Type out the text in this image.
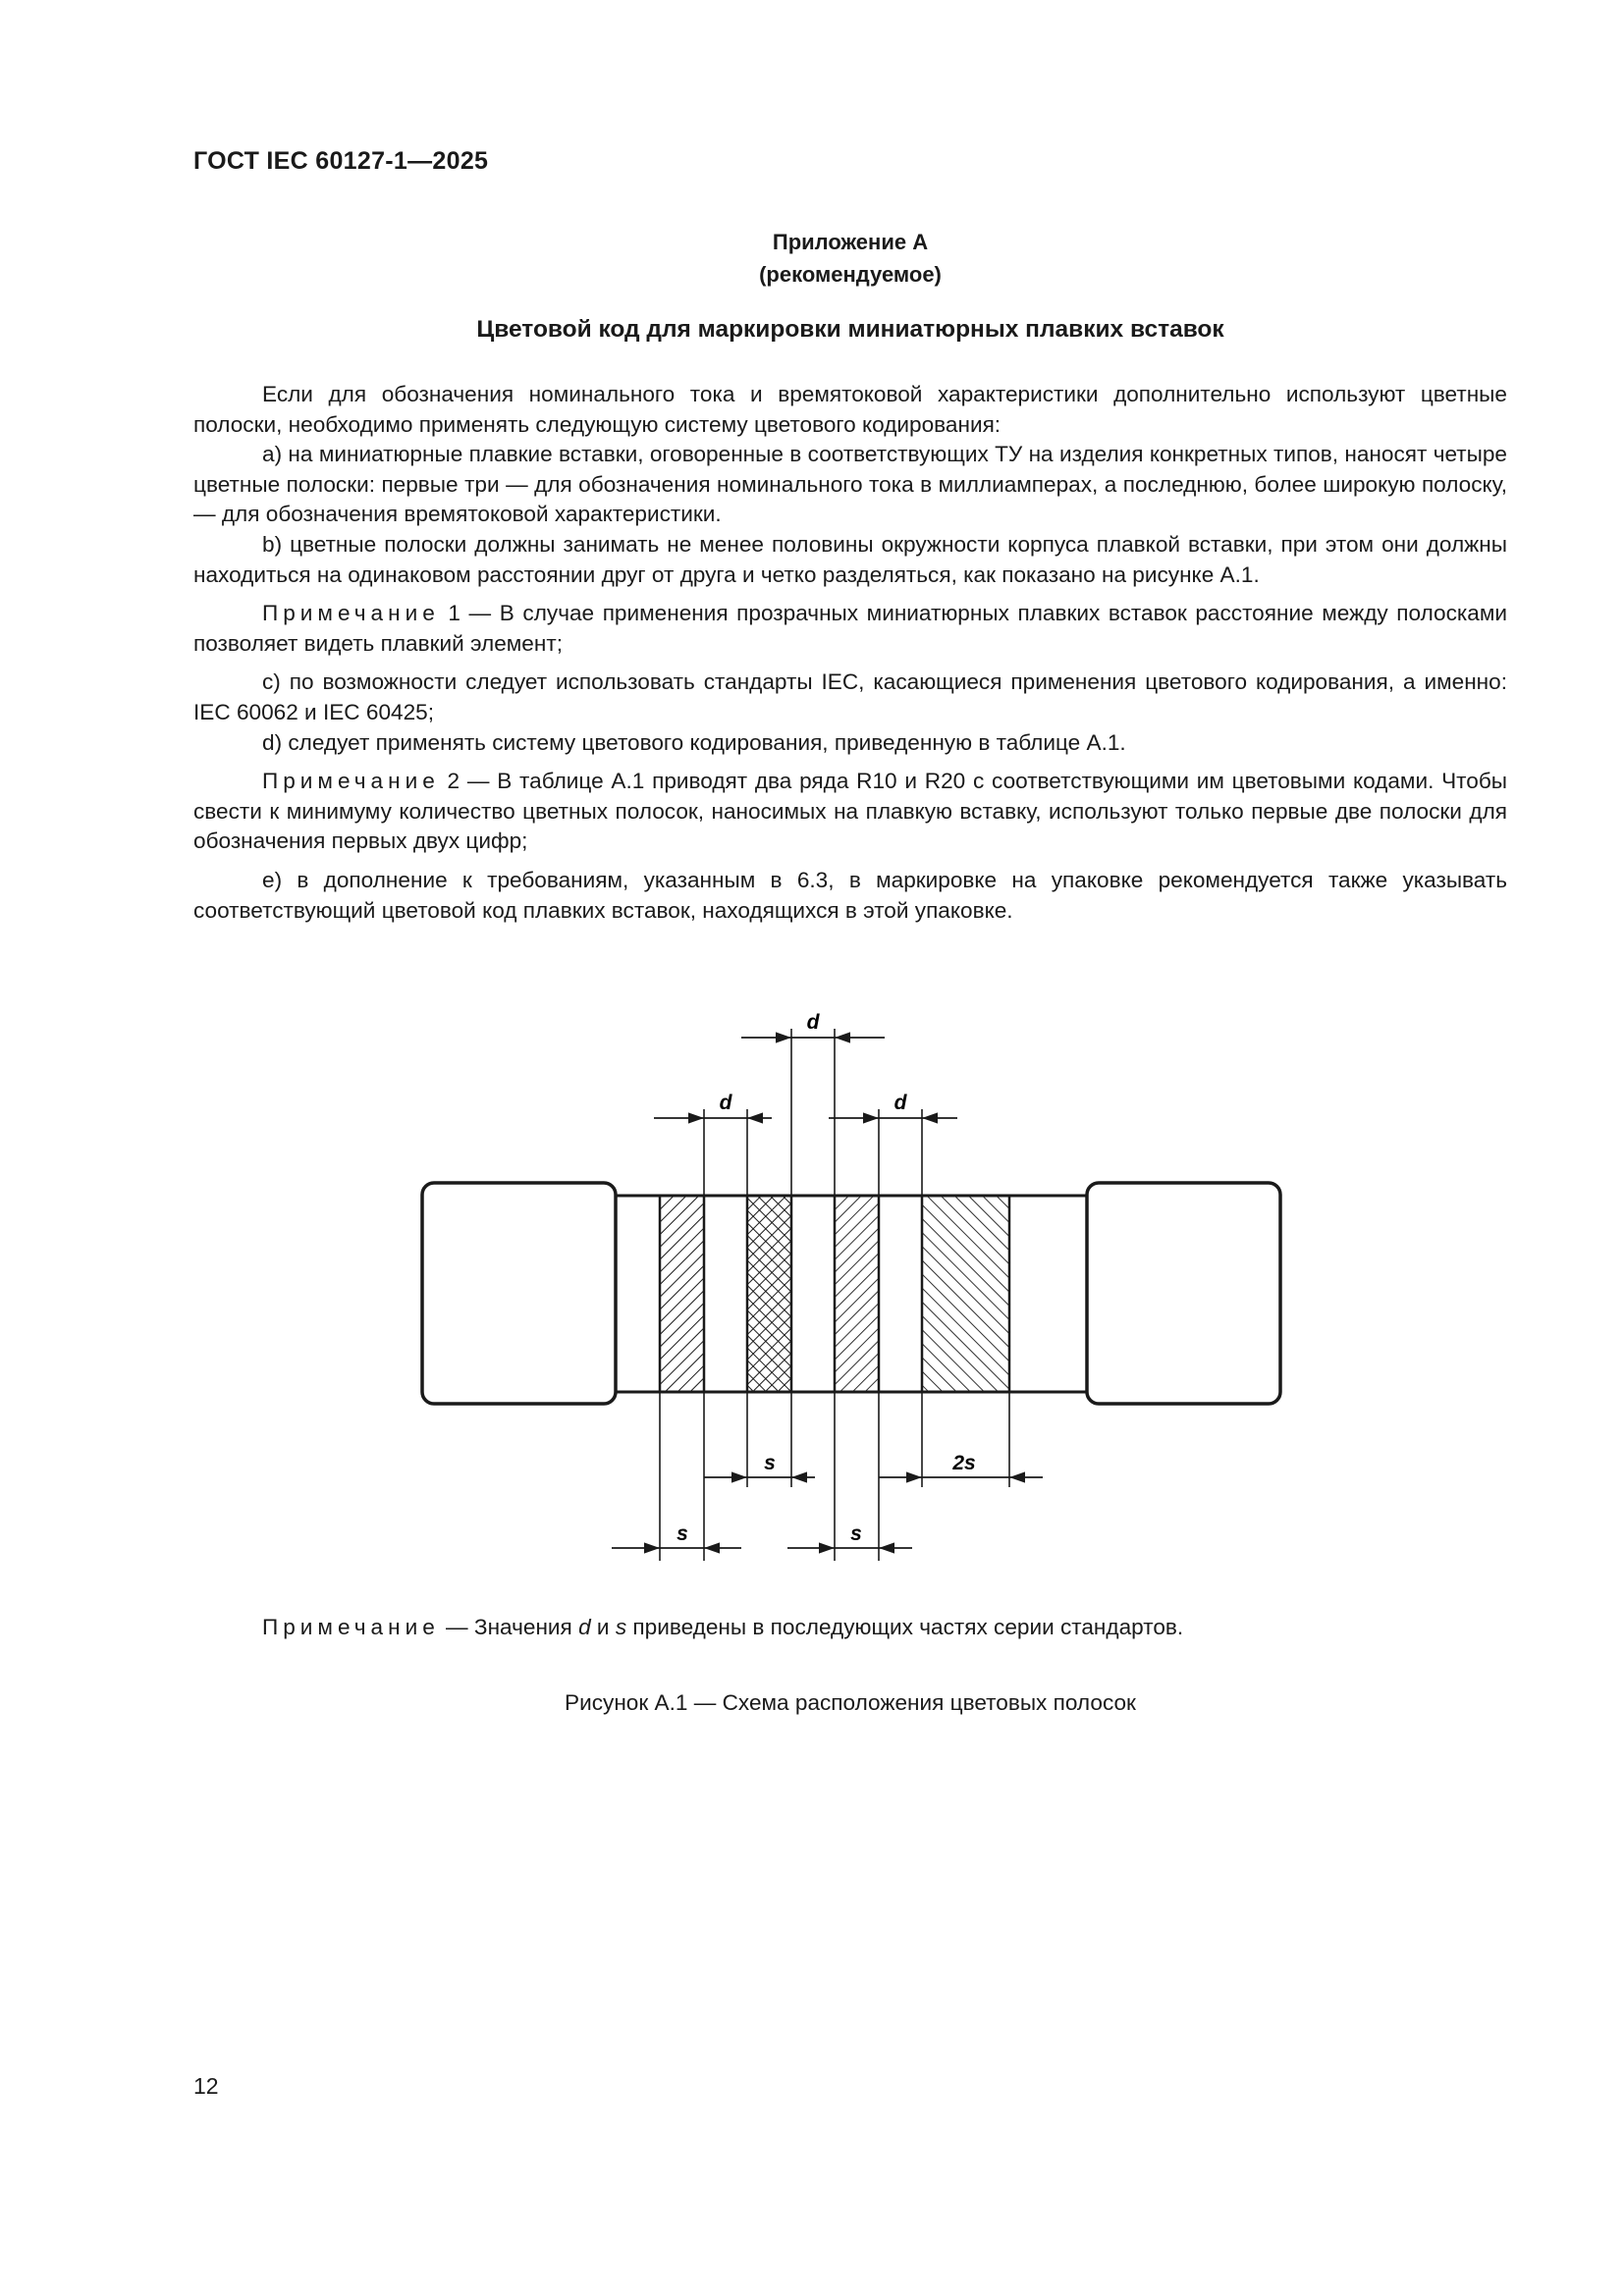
ГОСТ IEC 60127-1—2025
Приложение А
(рекомендуемое)
Цветовой код для маркировки миниатюрных плавких вставок

Если для обозначения номинального тока и времятоковой характеристики дополнительно используют цветные полоски, необходимо применять следующую систему цветового кодирования:

a) на миниатюрные плавкие вставки, оговоренные в соответствующих ТУ на изделия конкретных типов, наносят четыре цветные полоски: первые три — для обозначения номинального тока в миллиамперах, а последнюю, более широкую полоску, — для обозначения времятоковой характеристики.

b) цветные полоски должны занимать не менее половины окружности корпуса плавкой вставки, при этом они должны находиться на одинаковом расстоянии друг от друга и четко разделяться, как показано на рисунке А.1.

Примечание 1 — В случае применения прозрачных миниатюрных плавких вставок расстояние между полосками позволяет видеть плавкий элемент;

c) по возможности следует использовать стандарты IEC, касающиеся применения цветового кодирования, а именно: IEC 60062 и IEC 60425;

d) следует применять систему цветового кодирования, приведенную в таблице А.1.

Примечание 2 — В таблице А.1 приводят два ряда R10 и R20 с соответствующими им цветовыми кодами. Чтобы свести к минимуму количество цветных полосок, наносимых на плавкую вставку, используют только первые две полоски для обозначения первых двух цифр;

e) в дополнение к требованиям, указанным в 6.3, в маркировке на упаковке рекомендуется также указывать соответствующий цветовой код плавких вставок, находящихся в этой упаковке.

d
d	d
s	2s
s	s
Примечание — Значения d и s приведены в последующих частях серии стандартов.
Рисунок А.1 — Схема расположения цветовых полосок
12
